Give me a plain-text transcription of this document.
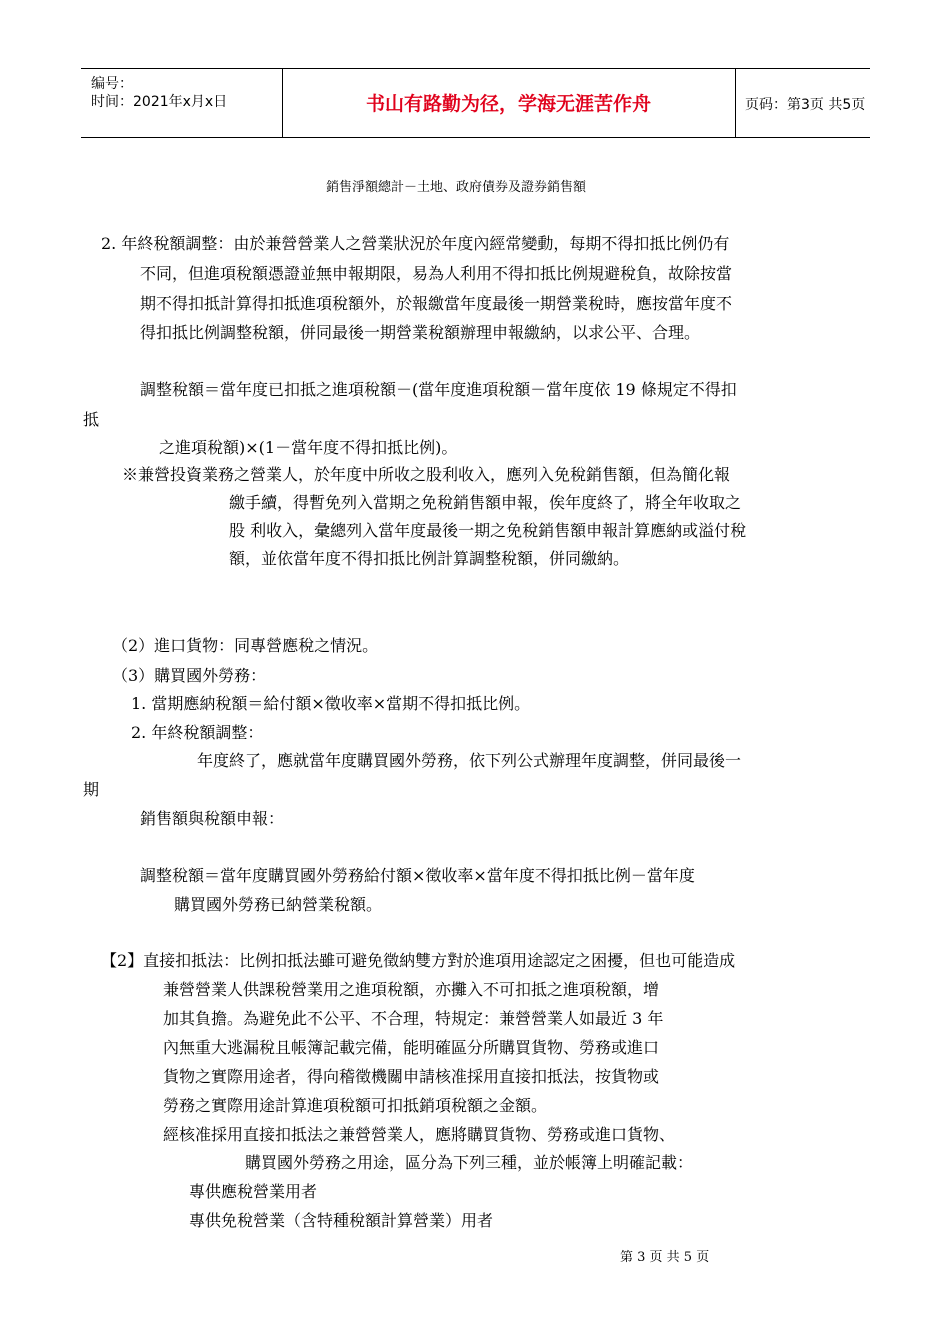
编号：
时间：2021年x月x日	书山有路勤为径，学海无涯苦作舟	页码：第3页 共5页
銷售淨額總計－土地、政府債券及證券銷售額
2. 年終稅額調整：由於兼營營業人之營業狀況於年度內經常變動，每期不得扣抵比例仍有
不同，但進項稅額憑證並無申報期限，易為人利用不得扣抵比例規避稅負，故除按當
期不得扣抵計算得扣抵進項稅額外，於報繳當年度最後一期營業稅時，應按當年度不
得扣抵比例調整稅額，併同最後一期營業稅額辦理申報繳納，以求公平、合理。
調整稅額＝當年度已扣抵之進項稅額－(當年度進項稅額－當年度依 19 條規定不得扣
抵
之進項稅額)×(1－當年度不得扣抵比例)。
※兼營投資業務之營業人，於年度中所收之股利收入，應列入免稅銷售額，但為簡化報
繳手續，得暫免列入當期之免稅銷售額申報，俟年度終了，將全年收取之
股 利收入，彙總列入當年度最後一期之免稅銷售額申報計算應納或溢付稅
額，並依當年度不得扣抵比例計算調整稅額，併同繳納。
（2）進口貨物：同專營應稅之情況。
（3）購買國外勞務：
1. 當期應納稅額＝給付額×徵收率×當期不得扣抵比例。
2. 年終稅額調整：
年度終了，應就當年度購買國外勞務，依下列公式辦理年度調整，併同最後一
期
銷售額與稅額申報：
調整稅額＝當年度購買國外勞務給付額×徵收率×當年度不得扣抵比例－當年度
購買國外勞務已納營業稅額。
【2】直接扣抵法：比例扣抵法雖可避免徵納雙方對於進項用途認定之困擾，但也可能造成
兼營營業人供課稅營業用之進項稅額，亦攤入不可扣抵之進項稅額，增
加其負擔。為避免此不公平、不合理，特規定：兼營營業人如最近 3 年
內無重大逃漏稅且帳簿記載完備，能明確區分所購買貨物、勞務或進口
貨物之實際用途者，得向稽徵機關申請核准採用直接扣抵法，按貨物或
勞務之實際用途計算進項稅額可扣抵銷項稅額之金額。
經核准採用直接扣抵法之兼營營業人，應將購買貨物、勞務或進口貨物、
購買國外勞務之用途，區分為下列三種，並於帳簿上明確記載：
專供應稅營業用者
專供免稅營業（含特種稅額計算營業）用者
第 3 页 共 5 页
